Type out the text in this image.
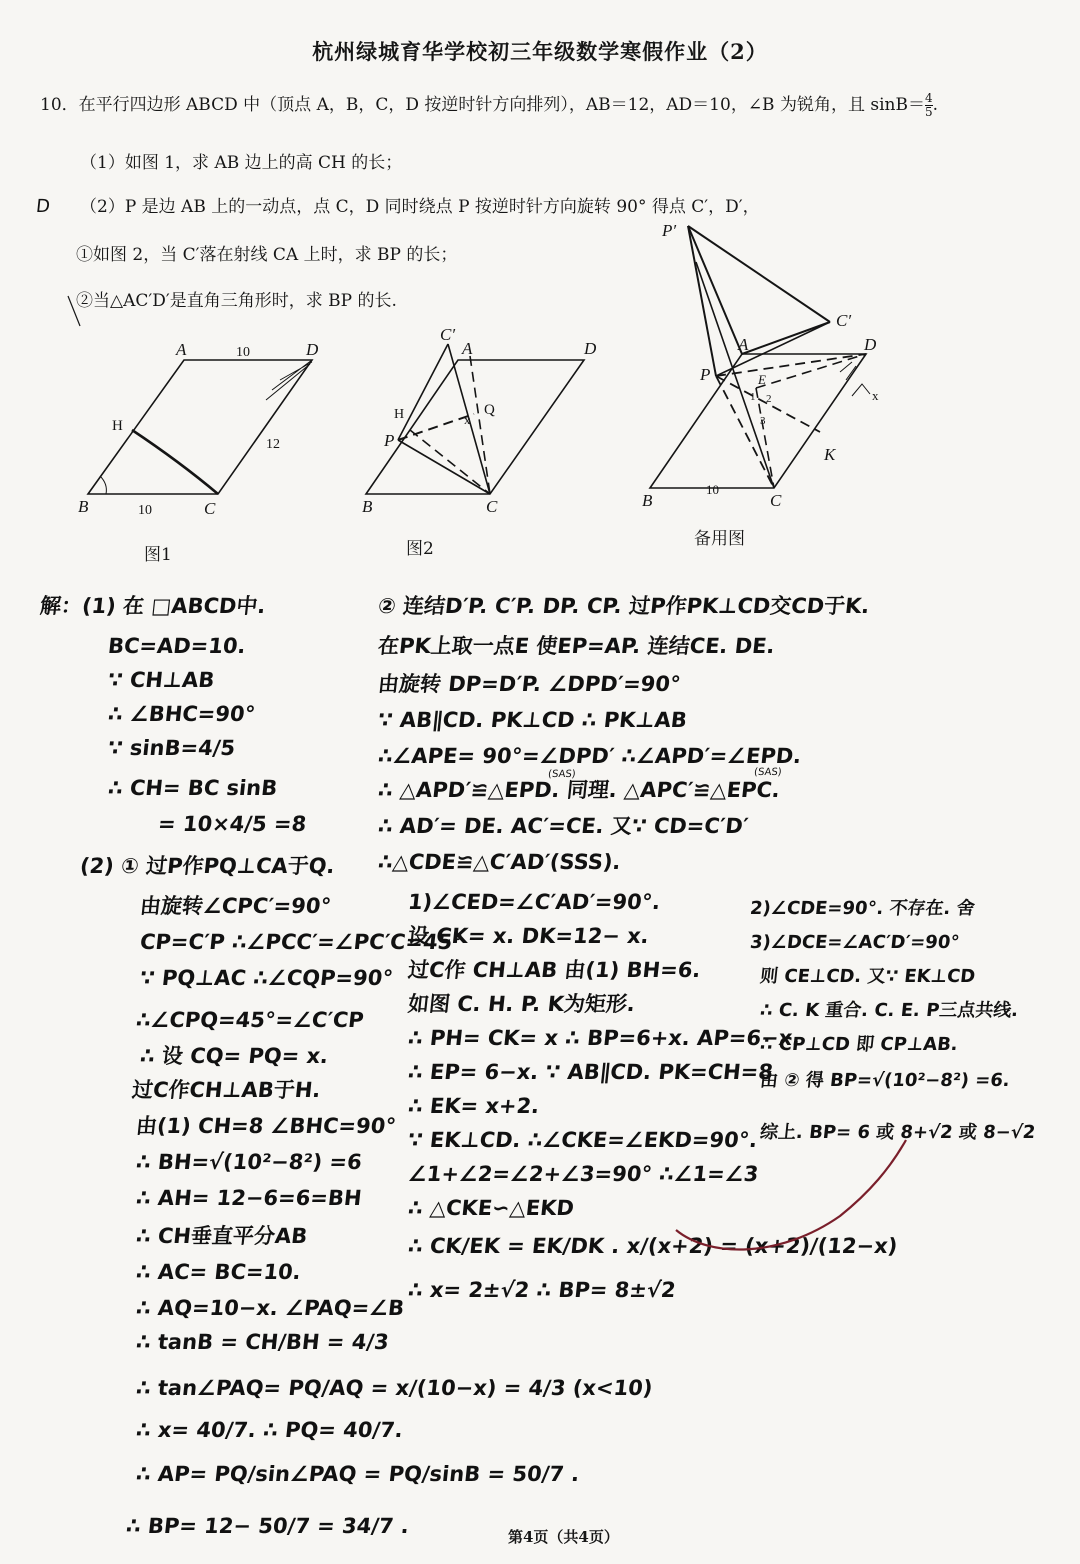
杭州绿城育华学校初三年级数学寒假作业（2）
10．在平行四边形 ABCD 中（顶点 A，B，C，D 按逆时针方向排列），AB＝12，AD＝10，∠B 为锐角，且 $\sin B= \frac{4}{5}$ .
（1）如图 1，求 AB 边上的高 CH 的长；
（2）P 是边 AB 上的一动点，点 C，D 同时绕点 P 按逆时针方向旋转 90° 得点 C′，D′，
D
①如图 2，当 C′落在射线 CA 上时，求 BP 的长；
②当△AC′D′是直角三角形时，求 BP 的长.
A	D
B	C
10
10
12
H
C′
A	D
P
B	C
H	Q
x
P′
C′
A	D
P	E
K
B	C
1 2
3
10
x
图1	图2	备用图
解：(1) 在 □ABCD中.
BC=AD=10.
∵ CH⊥AB
∴ ∠BHC=90°
∵ sinB=4/5
∴ CH= BC sinB
= 10×4/5 =8
(2) ① 过P作PQ⊥CA于Q.
由旋转∠CPC′=90°
CP=C′P ∴∠PCC′=∠PC′C=45°
∵ PQ⊥AC ∴∠CQP=90°
∴∠CPQ=45°=∠C′CP
∴ 设 CQ= PQ= x.
过C作CH⊥AB于H.
由(1) CH=8 ∠BHC=90°
∴ BH=√(10²−8²) =6
∴ AH= 12−6=6=BH
∴ CH垂直平分AB
∴ AC= BC=10.
∴ AQ=10−x. ∠PAQ=∠B
∴ tanB = CH/BH = 4/3
∴ tan∠PAQ= PQ/AQ = x/(10−x) = 4/3 (x<10)
∴ x= 40/7. ∴ PQ= 40/7.
∴ AP= PQ/sin∠PAQ = PQ/sinB = 50/7 .
∴ BP= 12− 50/7 = 34/7 .
② 连结D′P. C′P. DP. CP. 过P作PK⊥CD交CD于K.
在PK上取一点E 使EP=AP. 连结CE. DE.
由旋转 DP=D′P. ∠DPD′=90°
∵ AB∥CD. PK⊥CD ∴ PK⊥AB
∴∠APE= 90°=∠DPD′ ∴∠APD′=∠EPD.
∴ △APD′≌△EPD. 同理. △APC′≌△EPC.
∴ AD′= DE. AC′=CE. 又∵ CD=C′D′
∴△CDE≌△C′AD′(SSS).
1)∠CED=∠C′AD′=90°.
设 CK= x. DK=12− x.
过C作 CH⊥AB 由(1) BH=6.
如图 C. H. P. K为矩形.
∴ PH= CK= x ∴ BP=6+x. AP=6−x.
∴ EP= 6−x. ∵ AB∥CD. PK=CH=8
∴ EK= x+2.
∵ EK⊥CD. ∴∠CKE=∠EKD=90°.
∠1+∠2=∠2+∠3=90° ∴∠1=∠3
∴ △CKE∽△EKD
∴ CK/EK = EK/DK . x/(x+2) = (x+2)/(12−x)
∴ x= 2±√2 ∴ BP= 8±√2
(SAS)	(SAS)
2)∠CDE=90°. 不存在. 舍
3)∠DCE=∠AC′D′=90°
则 CE⊥CD. 又∵ EK⊥CD
∴ C. K 重合. C. E. P三点共线.
∴ CP⊥CD 即 CP⊥AB.
由 ② 得 BP=√(10²−8²) =6.
综上. BP= 6 或 8+√2 或 8−√2
第4页（共4页）
